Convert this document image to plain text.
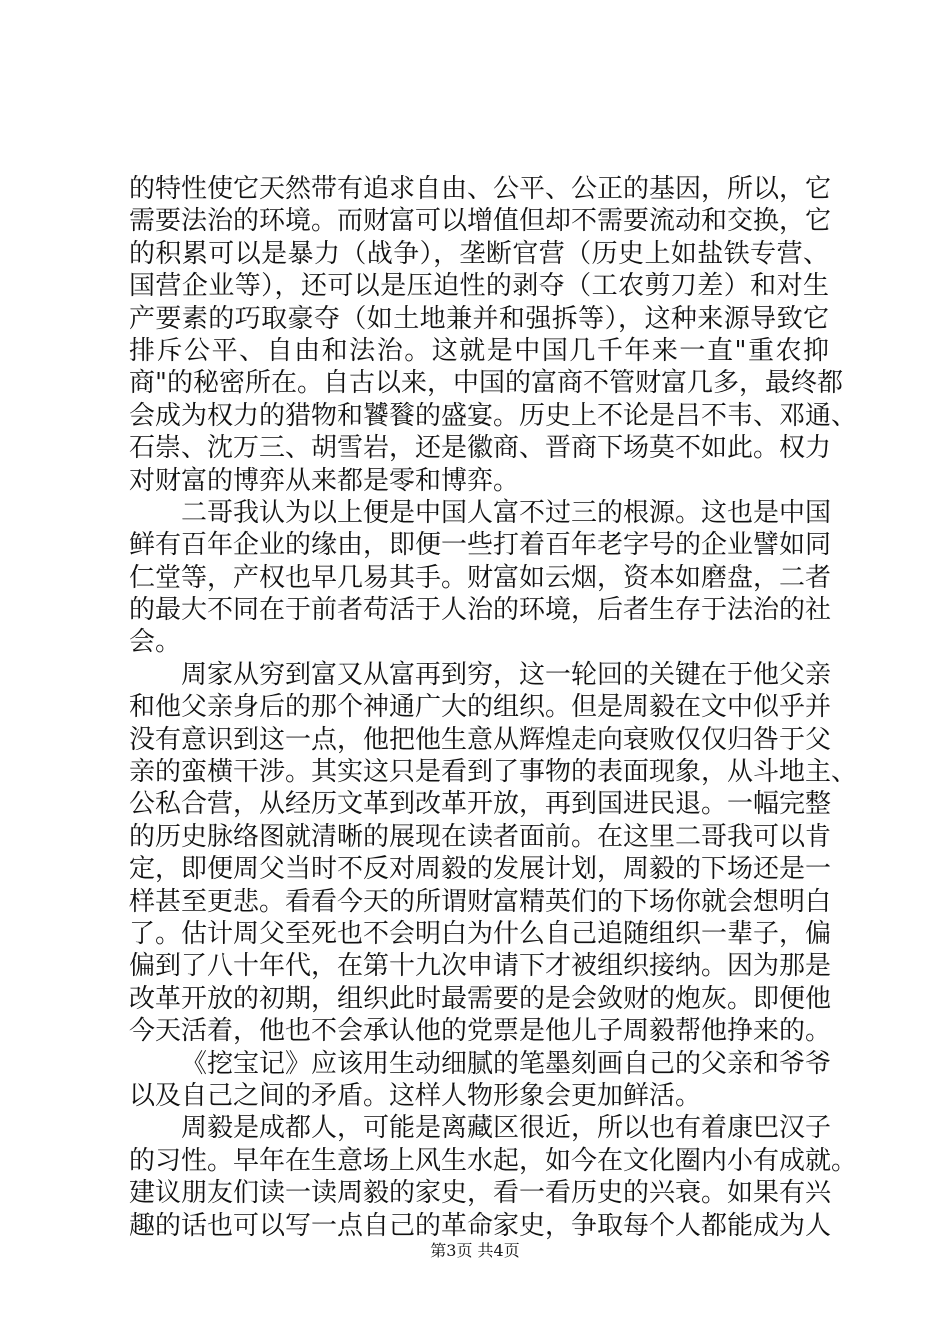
的特性使它天然带有追求自由、公平、公正的基因，所以，它
需要法治的环境。而财富可以增值但却不需要流动和交换，它
的积累可以是暴力（战争），垄断官营（历史上如盐铁专营、
国营企业等），还可以是压迫性的剥夺（工农剪刀差）和对生
产要素的巧取豪夺（如土地兼并和强拆等），这种来源导致它
排斥公平、自由和法治。这就是中国几千年来一直"重农抑
商"的秘密所在。自古以来，中国的富商不管财富几多，最终都
会成为权力的猎物和饕餮的盛宴。历史上不论是吕不韦、邓通、
石崇、沈万三、胡雪岩，还是徽商、晋商下场莫不如此。权力
对财富的博弈从来都是零和博弈。
二哥我认为以上便是中国人富不过三的根源。这也是中国
鲜有百年企业的缘由，即便一些打着百年老字号的企业譬如同
仁堂等，产权也早几易其手。财富如云烟，资本如磨盘，二者
的最大不同在于前者苟活于人治的环境，后者生存于法治的社
会。
周家从穷到富又从富再到穷，这一轮回的关键在于他父亲
和他父亲身后的那个神通广大的组织。但是周毅在文中似乎并
没有意识到这一点，他把他生意从辉煌走向衰败仅仅归咎于父
亲的蛮横干涉。其实这只是看到了事物的表面现象，从斗地主、
公私合营，从经历文革到改革开放，再到国进民退。一幅完整
的历史脉络图就清晰的展现在读者面前。在这里二哥我可以肯
定，即便周父当时不反对周毅的发展计划，周毅的下场还是一
样甚至更悲。看看今天的所谓财富精英们的下场你就会想明白
了。估计周父至死也不会明白为什么自己追随组织一辈子，偏
偏到了八十年代，在第十九次申请下才被组织接纳。因为那是
改革开放的初期，组织此时最需要的是会敛财的炮灰。即便他
今天活着，他也不会承认他的党票是他儿子周毅帮他挣来的。
《挖宝记》应该用生动细腻的笔墨刻画自己的父亲和爷爷
以及自己之间的矛盾。这样人物形象会更加鲜活。
周毅是成都人，可能是离藏区很近，所以也有着康巴汉子
的习性。早年在生意场上风生水起，如今在文化圈内小有成就。
建议朋友们读一读周毅的家史，看一看历史的兴衰。如果有兴
趣的话也可以写一点自己的革命家史，争取每个人都能成为人
第3页 共4页
